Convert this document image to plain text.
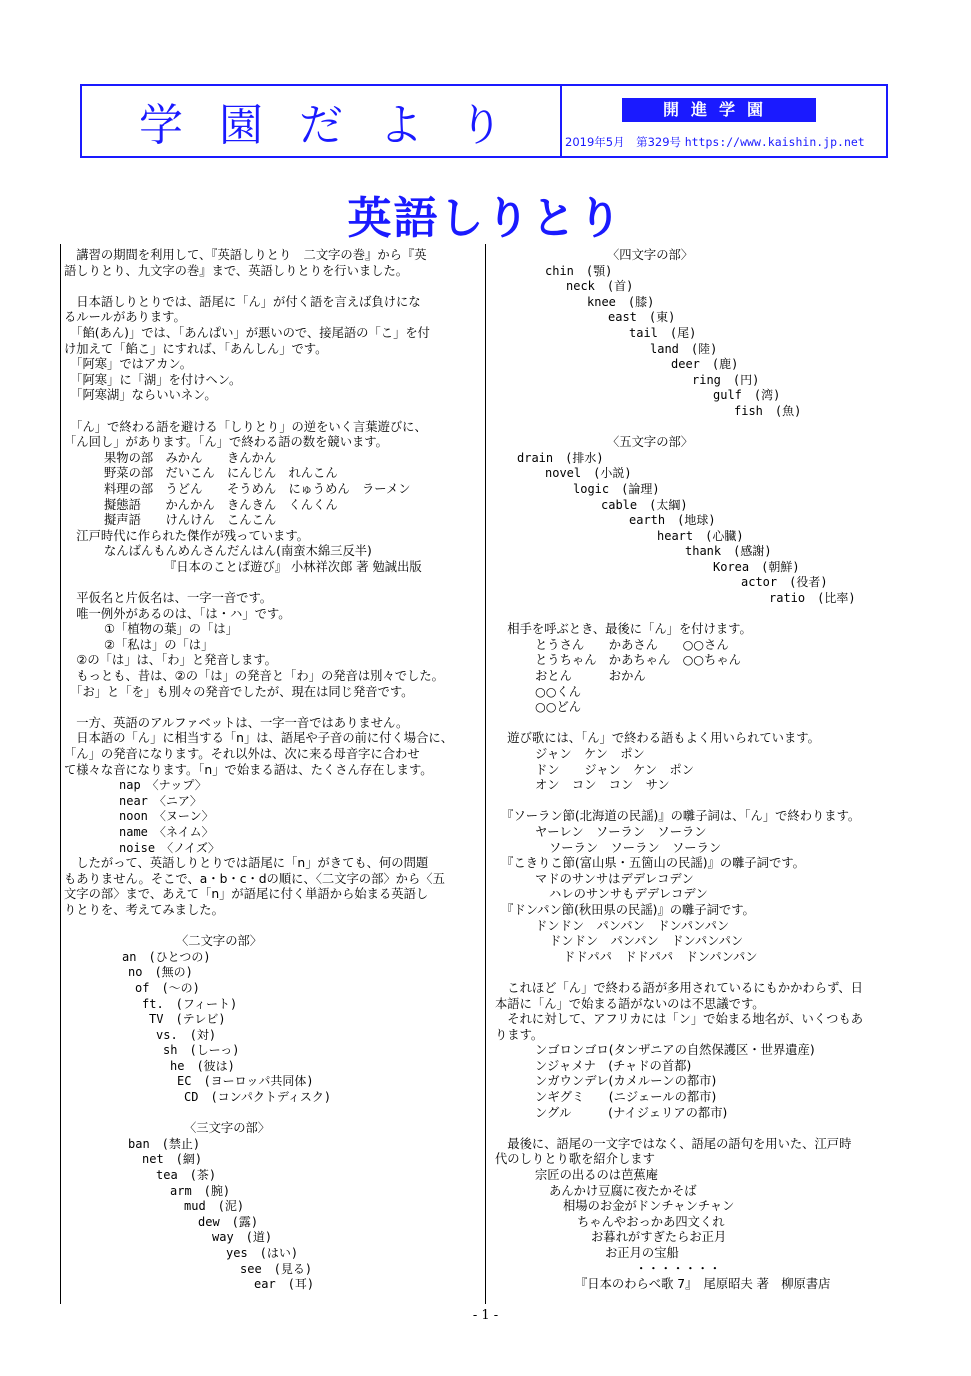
学園だより	開進学園
2019年5月　第329号 https://www.kaishin.jp.net
英語しりとり
　講習の期間を利用して、『英語しりとり　二文字の巻』から『英
語しりとり、九文字の巻』まで、英語しりとりを行いました。
　日本語しりとりでは、語尾に「ん」が付く語を言えば負けにな
るルールがあります。
　「餡(あん)」では、「あんぱい」が悪いので、接尾語の「こ」を付
け加えて「餡こ」にすれば、「あんしん」です。
　「阿寒」ではアカン。
　「阿寒」に「湖」を付けヘン。
　「阿寒湖」ならいいネン。
　「ん」で終わる語を避ける「しりとり」の逆をいく言葉遊びに、
「ん回し」があります。「ん」で終わる語の数を競います。
果物の部　みかん　　きんかん
野菜の部　だいこん　にんじん　れんこん
料理の部　うどん　　そうめん　にゅうめん　ラーメン
擬態語　　かんかん　きんきん　くんくん
擬声語　　けんけん　こんこん
　江戸時代に作られた傑作が残っています。
なんばんもんめんさんだんはん(南蛮木綿三反半)
『日本のことば遊び』 小林祥次郎 著 勉誠出版
　平仮名と片仮名は、一字一音です。
　唯一例外があるのは、「は・ハ」です。
①「植物の葉」の「は」
②「私は」の「は」
　②の「は」は、「わ」と発音します。
　もっとも、昔は、②の「は」の発音と「わ」の発音は別々でした。
　「お」と「を」も別々の発音でしたが、現在は同じ発音です。
　一方、英語のアルファベットは、一字一音ではありません。
　日本語の「ん」に相当する「n」は、語尾や子音の前に付く場合に、
「ん」の発音になります。それ以外は、次に来る母音字に合わせ
て様々な音になります。「n」で始まる語は、たくさん存在します。
nap　〈ナップ〉
near　〈ニア〉
noon　〈ヌーン〉
name　〈ネイム〉
noise　〈ノイズ〉
　したがって、英語しりとりでは語尾に「n」がきても、何の問題
もありません。そこで、a・b・c・dの順に、〈二文字の部〉から〈五
文字の部〉まで、あえて「n」が語尾に付く単語から始まる英語し
りとりを、考えてみました。
〈二文字の部〉
an　(ひとつの)
no　(無の)
of　(～の)
ft.　(フィート)
TV　(テレビ)
vs.　(対)
sh　(しーっ)
he　(彼は)
EC　(ヨーロッパ共同体)
CD　(コンパクトディスク)
〈三文字の部〉
ban　(禁止)
net　(網)
tea　(茶)
arm　(腕)
mud　(泥)
dew　(露)
way　(道)
yes　(はい)
see　(見る)
ear　(耳)
〈四文字の部〉
chin　(顎)
neck　(首)
knee　(膝)
east　(東)
tail　(尾)
land　(陸)
deer　(鹿)
ring　(円)
gulf　(湾)
fish　(魚)
〈五文字の部〉
drain　(排水)
novel　(小説)
logic　(論理)
cable　(太綱)
earth　(地球)
heart　(心臓)
thank　(感謝)
Korea　(朝鮮)
actor　(役者)
ratio　(比率)
　相手を呼ぶとき、最後に「ん」を付けます。
とうさん　　かあさん　　○○さん
とうちゃん　かあちゃん　○○ちゃん
おとん　　　おかん
○○くん
○○どん
　遊び歌には、「ん」で終わる語もよく用いられています。
ジャン　ケン　ポン
ドン　　ジャン　ケン　ポン
オン　コン　コン　サン
　『ソーラン節(北海道の民謡)』の囃子詞は、「ん」で終わります。
ヤーレン　ソーラン　ソーラン
ソーラン　ソーラン　ソーラン
　『こきりこ節(富山県・五箇山の民謡)』の囃子詞です。
マドのサンサはデデレコデン
ハレのサンサもデデレコデン
　『ドンパン節(秋田県の民謡)』の囃子詞です。
ドンドン　パンパン　ドンパンパン
ドンドン　パンパン　ドンパンパン
ドドパパ　ドドパパ　ドンパンパン
　これほど「ん」で終わる語が多用されているにもかかわらず、日
本語に「ん」で始まる語がないのは不思議です。
　それに対して、アフリカには「ン」で始まる地名が、いくつもあ
ります。
ンゴロンゴロ(タンザニアの自然保護区・世界遺産)
ンジャメナ　(チャドの首都)
ンガウンデレ(カメルーンの都市)
ンギグミ　　(ニジェールの都市)
ングル　　　(ナイジェリアの都市)
　最後に、語尾の一文字ではなく、語尾の語句を用いた、江戸時
代のしりとり歌を紹介します
宗匠の出るのは芭蕉庵
あんかけ豆腐に夜たかそば
相場のお金がドンチャンチャン
ちゃんやおっかあ四文くれ
お暮れがすぎたらお正月
お正月の宝船
・・・・・・・
『日本のわらべ歌 7』　尾原昭夫 著　柳原書店
- 1 -
